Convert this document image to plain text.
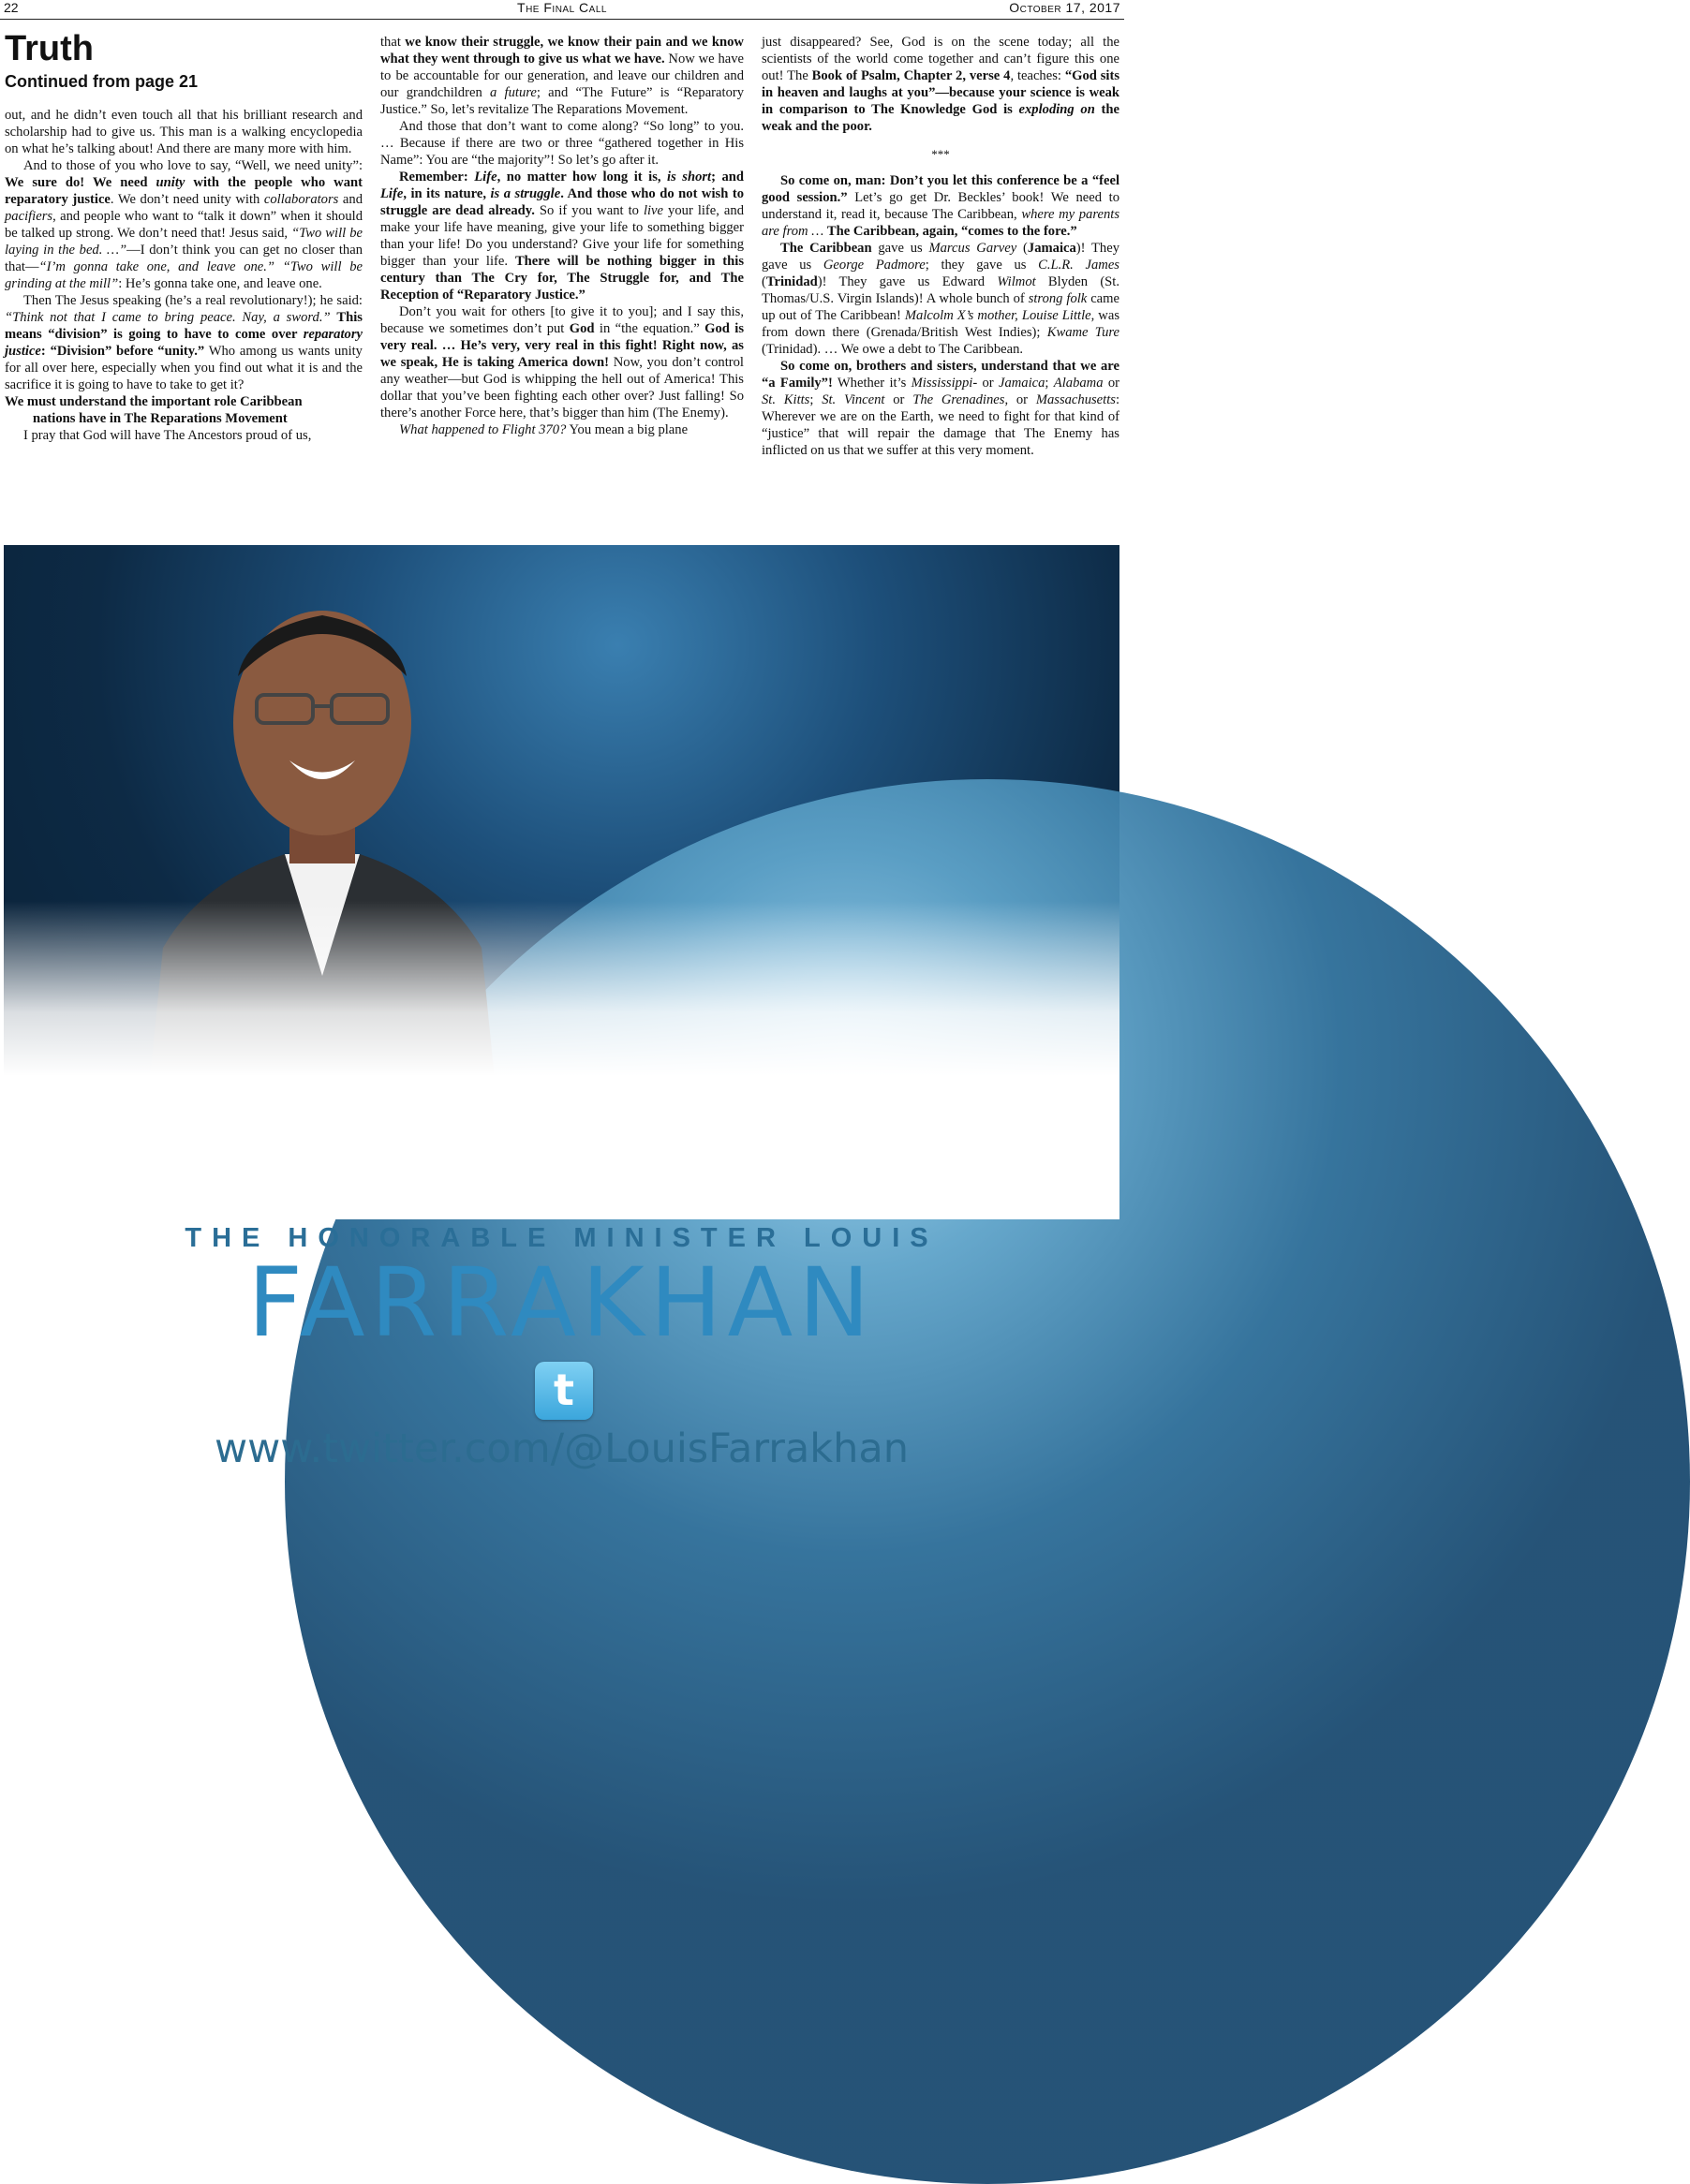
22	The Final Call	October 17, 2017
Truth
Continued from page 21

out, and he didn’t even touch all that his brilliant research and scholarship had to give us. This man is a walking encyclopedia on what he’s talking about! And there are many more with him.

And to those of you who love to say, “Well, we need unity”: We sure do! We need unity with the people who want reparatory justice. We don’t need unity with collaborators and pacifiers, and people who want to “talk it down” when it should be talked up strong. We don’t need that! Jesus said, “Two will be laying in the bed. …”—I don’t think you can get no closer than that—“I’m gonna take one, and leave one.” “Two will be grinding at the mill”: He’s gonna take one, and leave one.

Then The Jesus speaking (he’s a real revolutionary!); he said: “Think not that I came to bring peace. Nay, a sword.” This means “division” is going to have to come over reparatory justice: “Division” before “unity.” Who among us wants unity for all over here, especially when you find out what it is and the sacrifice it is going to have to take to get it?

We must understand the important role Caribbean
nations have in The Reparations Movement

I pray that God will have The Ancestors proud of us,

that we know their struggle, we know their pain and we know what they went through to give us what we have. Now we have to be accountable for our generation, and leave our children and our grandchildren a future; and “The Future” is “Reparatory Justice.” So, let’s revitalize The Reparations Movement.

And those that don’t want to come along? “So long” to you. … Because if there are two or three “gathered together in His Name”: You are “the majority”! So let’s go after it.

Remember: Life, no matter how long it is, is short; and Life, in its nature, is a struggle. And those who do not wish to struggle are dead already. So if you want to live your life, and make your life have meaning, give your life to something bigger than your life! Do you understand? Give your life for something bigger than your life. There will be nothing bigger in this century than The Cry for, The Struggle for, and The Reception of “Reparatory Justice.”

Don’t you wait for others [to give it to you]; and I say this, because we sometimes don’t put God in “the equation.” God is very real. … He’s very, very real in this fight! Right now, as we speak, He is taking America down! Now, you don’t control any weather—but God is whipping the hell out of America! This dollar that you’ve been fighting each other over? Just falling! So there’s another Force here, that’s bigger than him (The Enemy).

What happened to Flight 370? You mean a big plane

just disappeared? See, God is on the scene today; all the scientists of the world come together and can’t figure this one out! The Book of Psalm, Chapter 2, verse 4, teaches: “God sits in heaven and laughs at you”—because your science is weak in comparison to The Knowledge God is exploding on the weak and the poor.

***

So come on, man: Don’t you let this conference be a “feel good session.” Let’s go get Dr. Beckles’ book! We need to understand it, read it, because The Caribbean, where my parents are from … The Caribbean, again, “comes to the fore.”

The Caribbean gave us Marcus Garvey (Jamaica)! They gave us George Padmore; they gave us C.L.R. James (Trinidad)! They gave us Edward Wilmot Blyden (St. Thomas/U.S. Virgin Islands)! A whole bunch of strong folk came up out of The Caribbean! Malcolm X’s mother, Louise Little, was from down there (Grenada/British West Indies); Kwame Ture (Trinidad). … We owe a debt to The Caribbean.

So come on, brothers and sisters, understand that we are “a Family”! Whether it’s Mississippi- or Jamaica; Alabama or St. Kitts; St. Vincent or The Grenadines, or Massachusetts: Wherever we are on the Earth, we need to fight for that kind of “justice” that will repair the damage that The Enemy has inflicted on us that we suffer at this very moment.

THE HONORABLE MINISTER LOUIS
FARRAKHAN
t
www.twitter.com/@LouisFarrakhan
